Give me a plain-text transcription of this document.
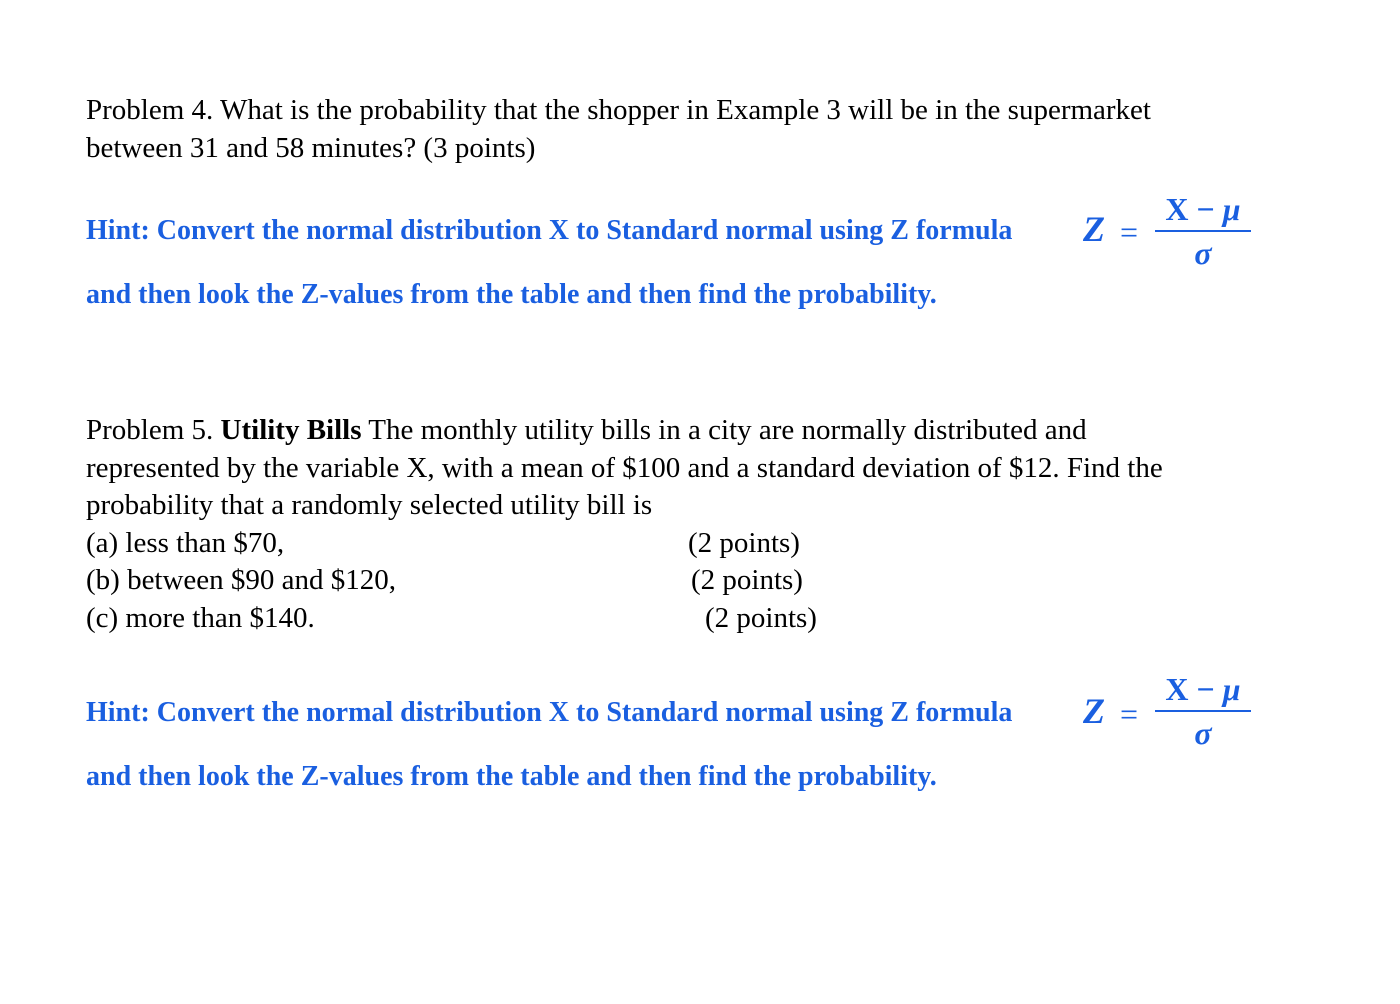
Problem 4. What is the probability that the shopper in Example 3 will be in the supermarket
between 31 and 58 minutes? (3 points)
Hint: Convert the normal distribution X to Standard normal using Z formula Z =
X − μ
σ
and then look the Z-values from the table and then find the probability.
Problem 5. Utility Bills The monthly utility bills in a city are normally distributed and
represented by the variable X, with a mean of $100 and a standard deviation of $12. Find the
probability that a randomly selected utility bill is
(a) less than $70,	(2 points)
(b) between $90 and $120,	(2 points)
(c) more than $140.	(2 points)
Hint: Convert the normal distribution X to Standard normal using Z formula Z =
X − μ
σ
and then look the Z-values from the table and then find the probability.
